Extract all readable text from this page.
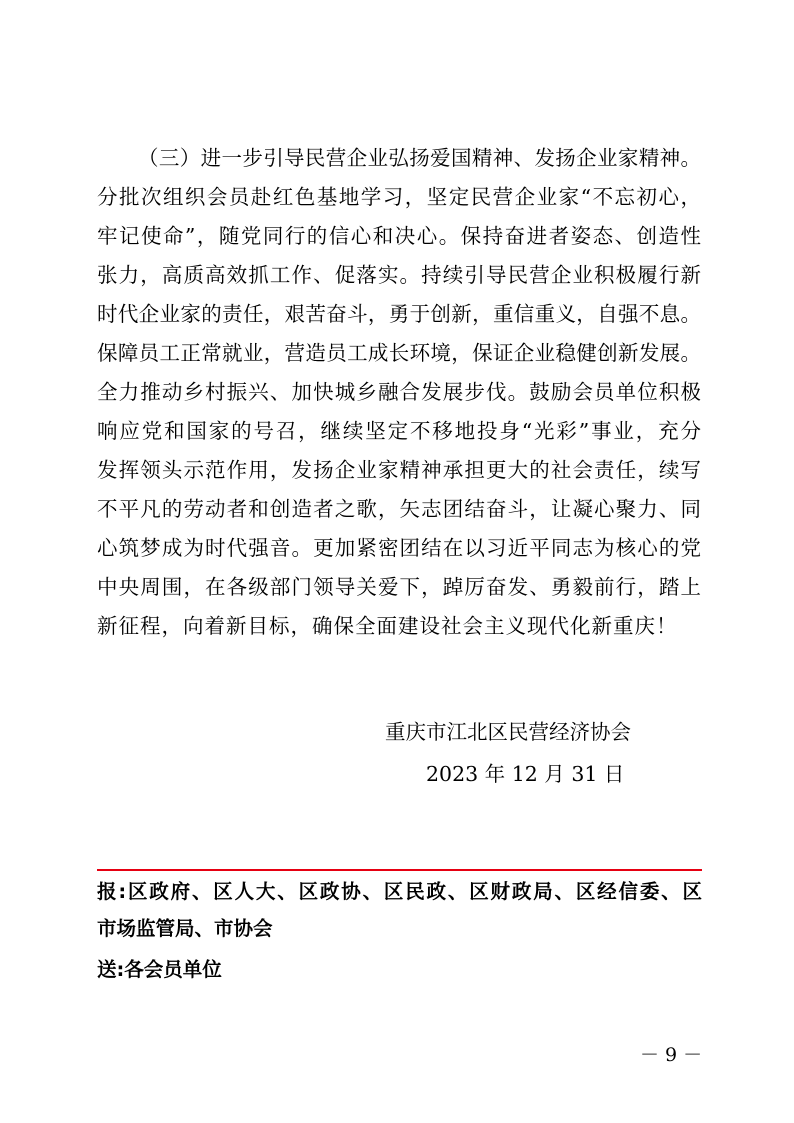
（三）进一步引导民营企业弘扬爱国精神、发扬企业家精神。
分批次组织会员赴红色基地学习，坚定民营企业家“不忘初心，
牢记使命”，随党同行的信心和决心。保持奋进者姿态、创造性
张力，高质高效抓工作、促落实。持续引导民营企业积极履行新
时代企业家的责任，艰苦奋斗，勇于创新，重信重义，自强不息。
保障员工正常就业，营造员工成长环境，保证企业稳健创新发展。
全力推动乡村振兴、加快城乡融合发展步伐。鼓励会员单位积极
响应党和国家的号召，继续坚定不移地投身“光彩”事业，充分
发挥领头示范作用，发扬企业家精神承担更大的社会责任，续写
不平凡的劳动者和创造者之歌，矢志团结奋斗，让凝心聚力、同
心筑梦成为时代强音。更加紧密团结在以习近平同志为核心的党
中央周围，在各级部门领导关爱下，踔厉奋发、勇毅前行，踏上
新征程，向着新目标，确保全面建设社会主义现代化新重庆！
重庆市江北区民营经济协会
2023 年 12 月 31 日
报:区政府、区人大、区政协、区民政、区财政局、区经信委、区
市场监管局、市协会
送:各会员单位
－ 9 －
